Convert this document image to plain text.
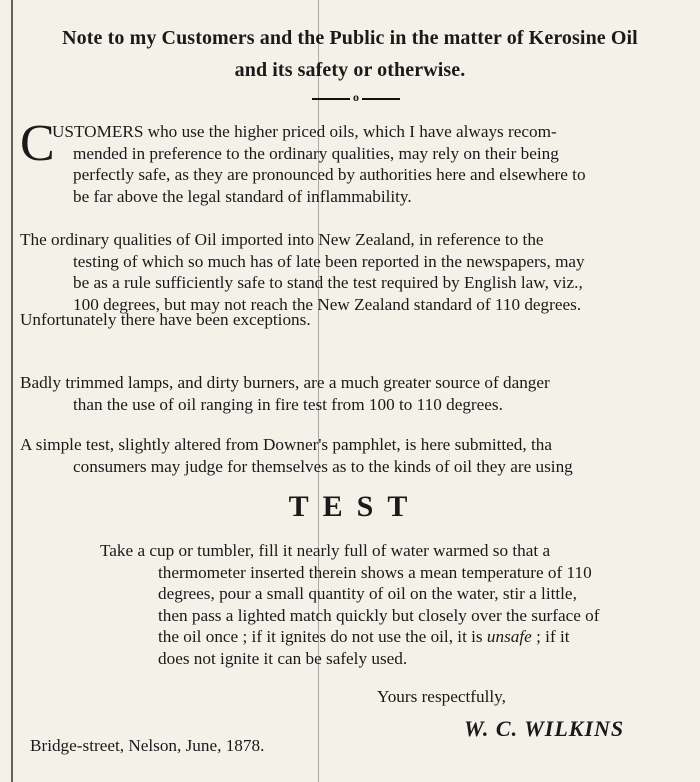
Note to my Customers and the Public in the matter of Kerosine Oil
and its safety or otherwise.
o
C
USTOMERS who use the higher priced oils, which I have always recom-
mended in preference to the ordinary qualities, may rely on their being
perfectly safe, as they are pronounced by authorities here and elsewhere to
be far above the legal standard of inflammability.
The ordinary qualities of Oil imported into New Zealand, in reference to the
testing of which so much has of late been reported in the newspapers, may
be as a rule sufficiently safe to stand the test required by English law, viz.,
100 degrees, but may not reach the New Zealand standard of 110 degrees.
Unfortunately there have been exceptions.
Badly trimmed lamps, and dirty burners, are a much greater source of danger
than the use of oil ranging in fire test from 100 to 110 degrees.
A simple test, slightly altered from Downer's pamphlet, is here submitted, tha
consumers may judge for themselves as to the kinds of oil they are using
TEST
Take a cup or tumbler, fill it nearly full of water warmed so that a
thermometer inserted therein shows a mean temperature of 110
degrees, pour a small quantity of oil on the water, stir a little,
then pass a lighted match quickly but closely over the surface of
the oil once ; if it ignites do not use the oil, it is unsafe ; if it
does not ignite it can be safely used.
Yours respectfully,
W. C. WILKINS
Bridge-street, Nelson, June, 1878.
